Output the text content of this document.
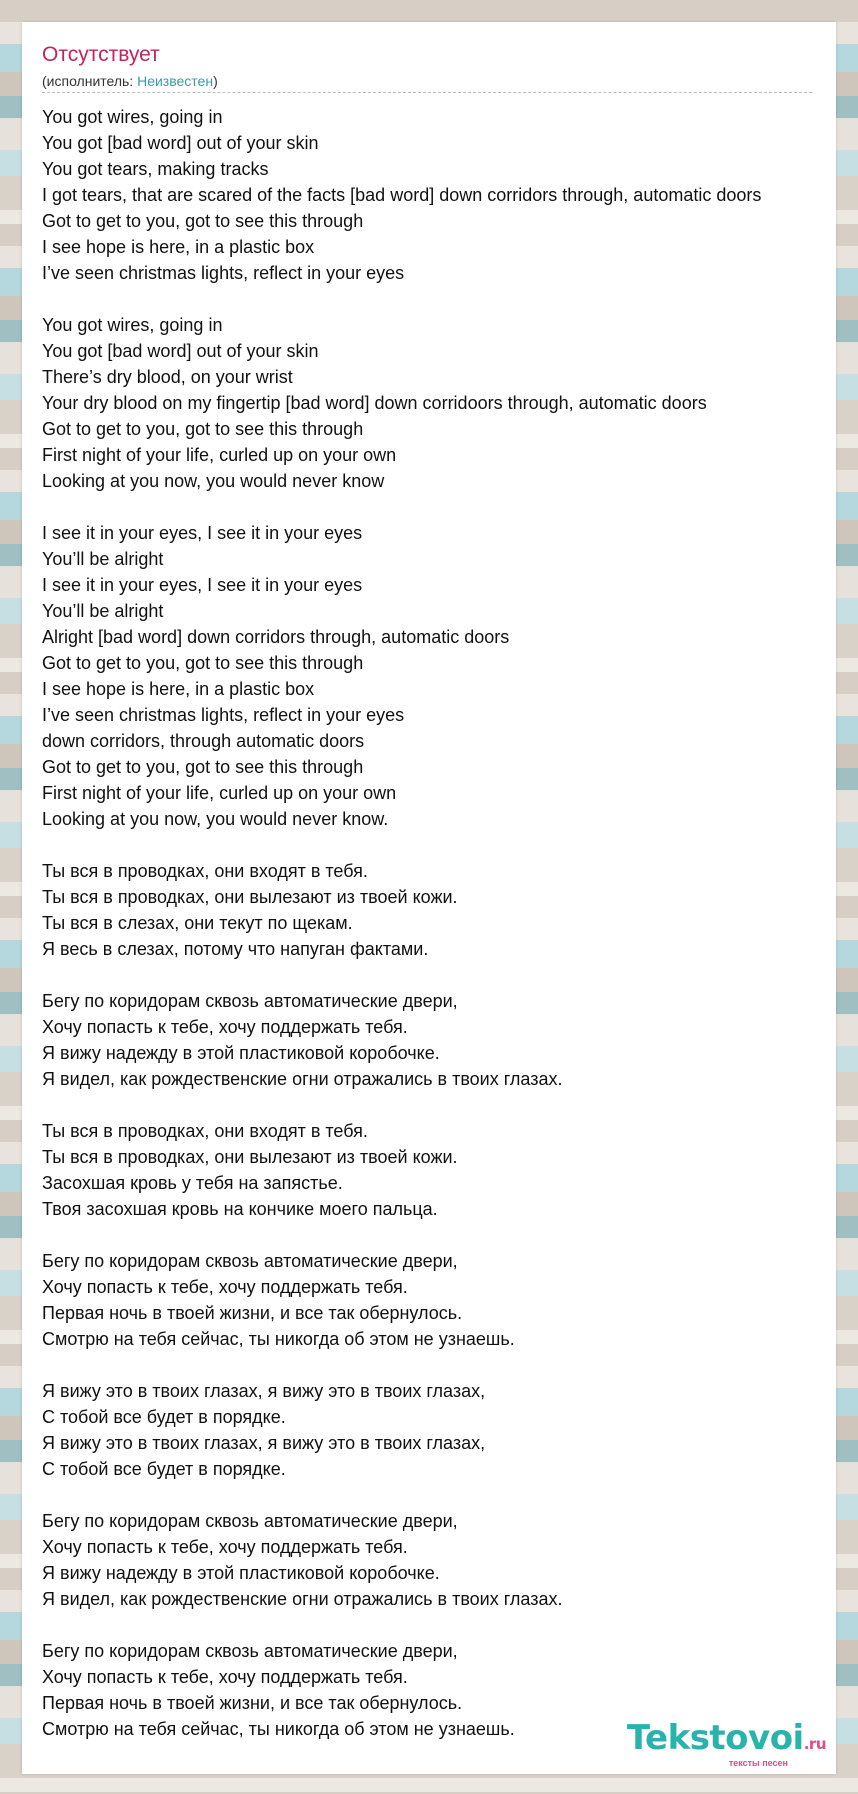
Отсутствует
(исполнитель: Неизвестен)
You got wires, going in
You got [bad word] out of your skin
You got tears, making tracks
I got tears, that are scared of the facts [bad word] down corridors through, automatic doors
Got to get to you, got to see this through
I see hope is here, in a plastic box
I’ve seen christmas lights, reflect in your eyes
You got wires, going in
You got [bad word] out of your skin
There’s dry blood, on your wrist
Your dry blood on my fingertip [bad word] down corridoors through, automatic doors
Got to get to you, got to see this through
First night of your life, curled up on your own
Looking at you now, you would never know
I see it in your eyes, I see it in your eyes
You’ll be alright
I see it in your eyes, I see it in your eyes
You’ll be alright
Alright [bad word] down corridors through, automatic doors
Got to get to you, got to see this through
I see hope is here, in a plastic box
I’ve seen christmas lights, reflect in your eyes
down corridors, through automatic doors
Got to get to you, got to see this through
First night of your life, curled up on your own
Looking at you now, you would never know.
Ты вся в проводках, они входят в тебя.
Ты вся в проводках, они вылезают из твоей кожи.
Ты вся в слезах, они текут по щекам.
Я весь в слезах, потому что напуган фактами.
Бегу по коридорам сквозь автоматические двери,
Хочу попасть к тебе, хочу поддержать тебя.
Я вижу надежду в этой пластиковой коробочке.
Я видел, как рождественские огни отражались в твоих глазах.
Ты вся в проводках, они входят в тебя.
Ты вся в проводках, они вылезают из твоей кожи.
Засохшая кровь у тебя на запястье.
Твоя засохшая кровь на кончике моего пальца.
Бегу по коридорам сквозь автоматические двери,
Хочу попасть к тебе, хочу поддержать тебя.
Первая ночь в твоей жизни, и все так обернулось.
Смотрю на тебя сейчас, ты никогда об этом не узнаешь.
Я вижу это в твоих глазах, я вижу это в твоих глазах,
С тобой все будет в порядке.
Я вижу это в твоих глазах, я вижу это в твоих глазах,
С тобой все будет в порядке.
Бегу по коридорам сквозь автоматические двери,
Хочу попасть к тебе, хочу поддержать тебя.
Я вижу надежду в этой пластиковой коробочке.
Я видел, как рождественские огни отражались в твоих глазах.
Бегу по коридорам сквозь автоматические двери,
Хочу попасть к тебе, хочу поддержать тебя.
Первая ночь в твоей жизни, и все так обернулось.
Смотрю на тебя сейчас, ты никогда об этом не узнаешь.	Tekstovoi.ru
тексты песен
